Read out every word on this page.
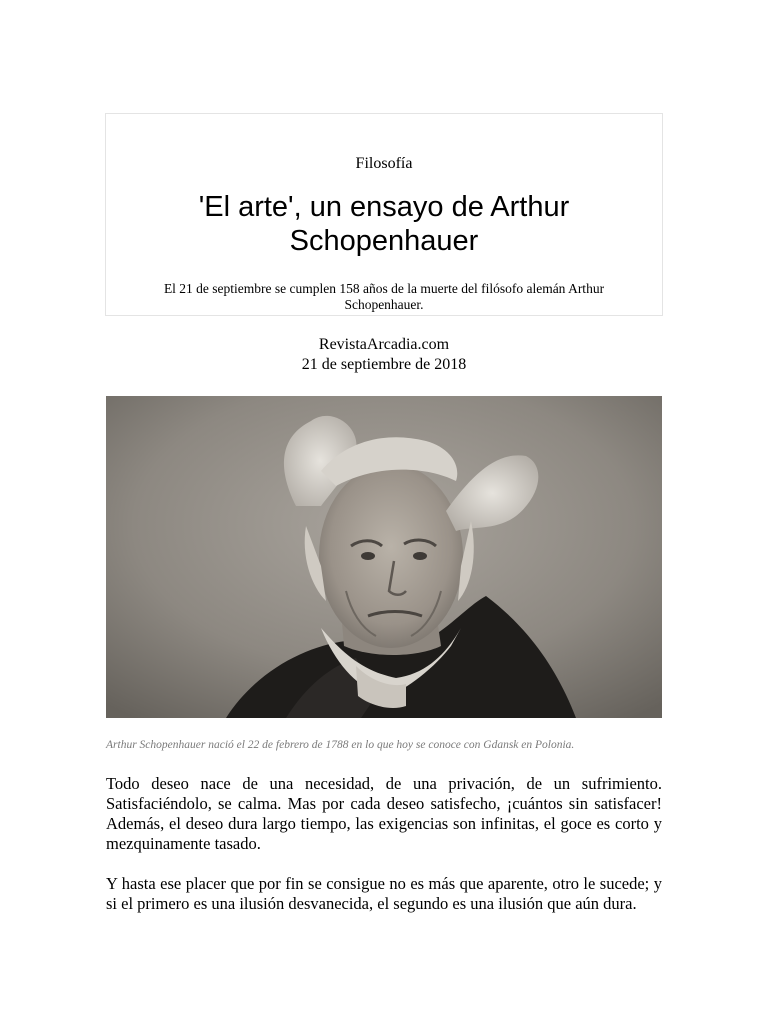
Filosofía
'El arte', un ensayo de Arthur Schopenhauer
El 21 de septiembre se cumplen 158 años de la muerte del filósofo alemán Arthur Schopenhauer.
RevistaArcadia.com
21 de septiembre de 2018
Arthur Schopenhauer nació el 22 de febrero de 1788 en lo que hoy se conoce con Gdansk en Polonia.

Todo deseo nace de una necesidad, de una privación, de un sufrimiento. Satisfaciéndolo, se calma. Mas por cada deseo satisfecho, ¡cuántos sin satisfacer! Además, el deseo dura largo tiempo, las exigencias son infinitas, el goce es corto y mezquinamente tasado.

Y hasta ese placer que por fin se consigue no es más que aparente, otro le sucede; y si el primero es una ilusión desvanecida, el segundo es una ilusión que aún dura.
